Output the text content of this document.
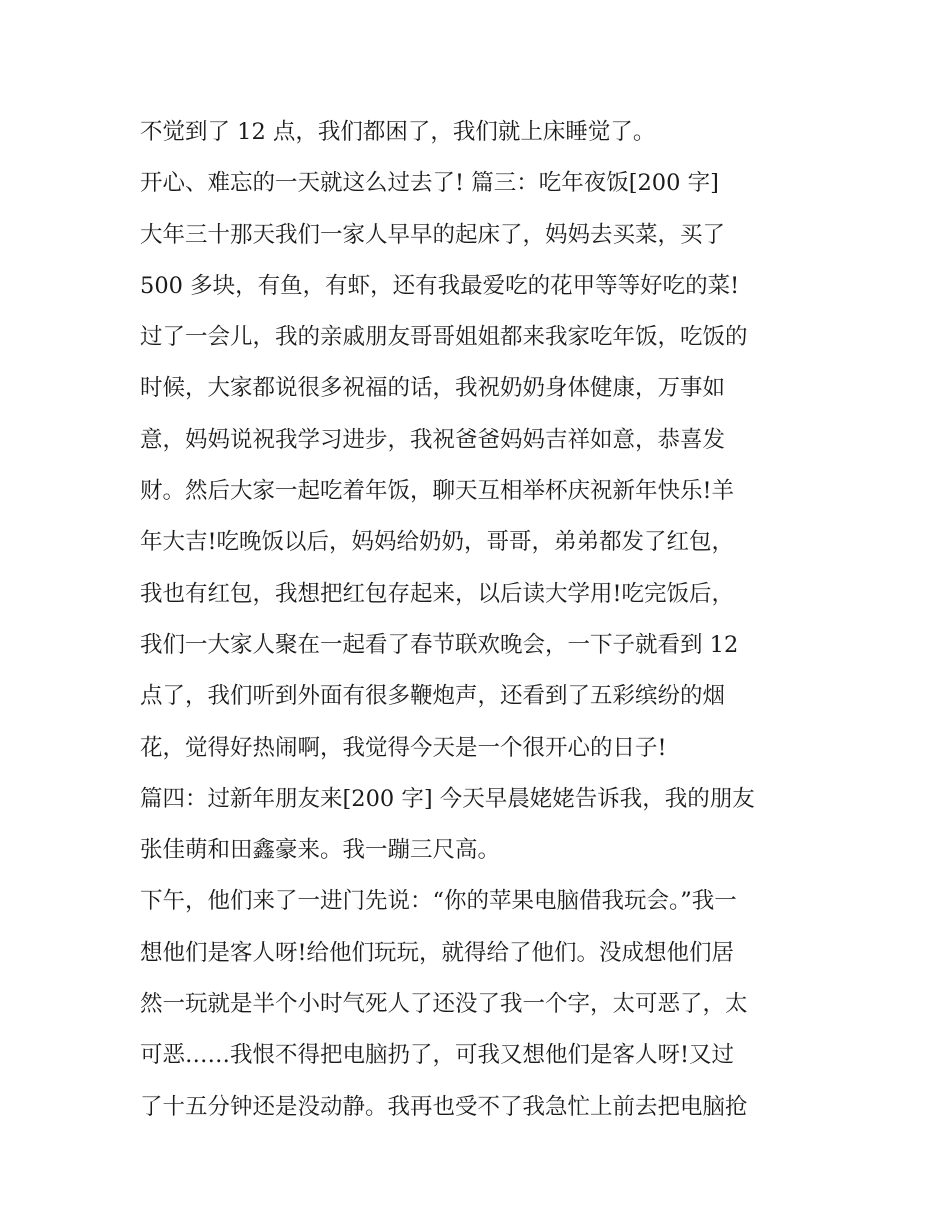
不觉到了 12 点，我们都困了，我们就上床睡觉了。
开心、难忘的一天就这么过去了! 篇三：吃年夜饭[200 字]
大年三十那天我们一家人早早的起床了，妈妈去买菜，买了
500 多块，有鱼，有虾，还有我最爱吃的花甲等等好吃的菜!
过了一会儿，我的亲戚朋友哥哥姐姐都来我家吃年饭，吃饭的
时候，大家都说很多祝福的话，我祝奶奶身体健康，万事如
意，妈妈说祝我学习进步，我祝爸爸妈妈吉祥如意，恭喜发
财。然后大家一起吃着年饭，聊天互相举杯庆祝新年快乐!羊
年大吉!吃晚饭以后，妈妈给奶奶，哥哥，弟弟都发了红包，
我也有红包，我想把红包存起来，以后读大学用!吃完饭后，
我们一大家人聚在一起看了春节联欢晚会，一下子就看到 12
点了，我们听到外面有很多鞭炮声，还看到了五彩缤纷的烟
花，觉得好热闹啊，我觉得今天是一个很开心的日子!
篇四：过新年朋友来[200 字] 今天早晨姥姥告诉我，我的朋友
张佳萌和田鑫豪来。我一蹦三尺高。
下午，他们来了一进门先说：“你的苹果电脑借我玩会。”我一
想他们是客人呀!给他们玩玩，就得给了他们。没成想他们居
然一玩就是半个小时气死人了还没了我一个字，太可恶了，太
可恶……我恨不得把电脑扔了，可我又想他们是客人呀!又过
了十五分钟还是没动静。我再也受不了我急忙上前去把电脑抢
